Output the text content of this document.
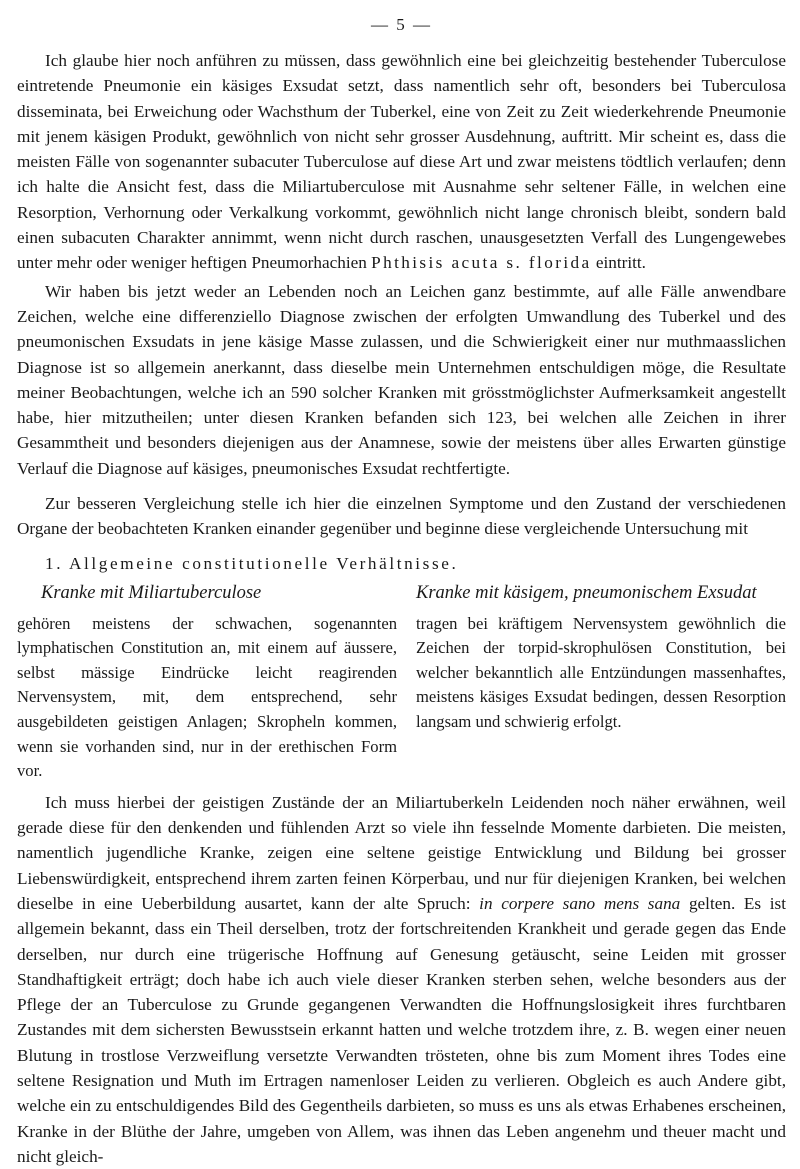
— 5 —

Ich glaube hier noch anführen zu müssen, dass gewöhnlich eine bei gleichzeitig bestehender Tuberculose eintretende Pneumonie ein käsiges Exsudat setzt, dass namentlich sehr oft, besonders bei Tuberculosa disseminata, bei Erweichung oder Wachsthum der Tuberkel, eine von Zeit zu Zeit wiederkehrende Pneumonie mit jenem käsigen Produkt, gewöhnlich von nicht sehr grosser Ausdehnung, auftritt. Mir scheint es, dass die meisten Fälle von sogenannter subacuter Tuberculose auf diese Art und zwar meistens tödtlich verlaufen; denn ich halte die Ansicht fest, dass die Miliartuberculose mit Ausnahme sehr seltener Fälle, in welchen eine Resorption, Verhornung oder Verkalkung vorkommt, gewöhnlich nicht lange chronisch bleibt, sondern bald einen subacuten Charakter annimmt, wenn nicht durch raschen, unausgesetzten Verfall des Lungengewebes unter mehr oder weniger heftigen Pneumorhachien Phthisis acuta s. florida eintritt.

Wir haben bis jetzt weder an Lebenden noch an Leichen ganz bestimmte, auf alle Fälle anwendbare Zeichen, welche eine differenziello Diagnose zwischen der erfolgten Umwandlung des Tuberkel und des pneumonischen Exsudats in jene käsige Masse zulassen, und die Schwierigkeit einer nur muthmaasslichen Diagnose ist so allgemein anerkannt, dass dieselbe mein Unternehmen entschuldigen möge, die Resultate meiner Beobachtungen, welche ich an 590 solcher Kranken mit grösstmöglichster Aufmerksamkeit angestellt habe, hier mitzutheilen; unter diesen Kranken befanden sich 123, bei welchen alle Zeichen in ihrer Gesammtheit und besonders diejenigen aus der Anamnese, sowie der meistens über alles Erwarten günstige Verlauf die Diagnose auf käsiges, pneumonisches Exsudat rechtfertigte.

Zur besseren Vergleichung stelle ich hier die einzelnen Symptome und den Zustand der verschiedenen Organe der beobachteten Kranken einander gegenüber und beginne diese vergleichende Untersuchung mit

1. Allgemeine constitutionelle Verhältnisse.
Kranke mit Miliartuberculose

gehören meistens der schwachen, sogenannten lymphatischen Constitution an, mit einem auf äussere, selbst mässige Eindrücke leicht reagirenden Nervensystem, mit, dem entsprechend, sehr ausgebildeten geistigen Anlagen; Skropheln kommen, wenn sie vorhanden sind, nur in der erethischen Form vor.

Kranke mit käsigem, pneumonischem Exsudat

tragen bei kräftigem Nervensystem gewöhnlich die Zeichen der torpid-skrophulösen Constitution, bei welcher bekanntlich alle Entzündungen massenhaftes, meistens käsiges Exsudat bedingen, dessen Resorption langsam und schwierig erfolgt.

Ich muss hierbei der geistigen Zustände der an Miliartuberkeln Leidenden noch näher erwähnen, weil gerade diese für den denkenden und fühlenden Arzt so viele ihn fesselnde Momente darbieten. Die meisten, namentlich jugendliche Kranke, zeigen eine seltene geistige Entwicklung und Bildung bei grosser Liebenswürdigkeit, entsprechend ihrem zarten feinen Körperbau, und nur für diejenigen Kranken, bei welchen dieselbe in eine Ueberbildung ausartet, kann der alte Spruch: in corpere sano mens sana gelten. Es ist allgemein bekannt, dass ein Theil derselben, trotz der fortschreitenden Krankheit und gerade gegen das Ende derselben, nur durch eine trügerische Hoffnung auf Genesung getäuscht, seine Leiden mit grosser Standhaftigkeit erträgt; doch habe ich auch viele dieser Kranken sterben sehen, welche besonders aus der Pflege der an Tuberculose zu Grunde gegangenen Verwandten die Hoffnungslosigkeit ihres furchtbaren Zustandes mit dem sichersten Bewusstsein erkannt hatten und welche trotzdem ihre, z. B. wegen einer neuen Blutung in trostlose Verzweiflung versetzte Verwandten trösteten, ohne bis zum Moment ihres Todes eine seltene Resignation und Muth im Ertragen namenloser Leiden zu verlieren. Obgleich es auch Andere gibt, welche ein zu entschuldigendes Bild des Gegentheils darbieten, so muss es uns als etwas Erhabenes erscheinen, Kranke in der Blüthe der Jahre, umgeben von Allem, was ihnen das Leben angenehm und theuer macht und nicht gleich-
